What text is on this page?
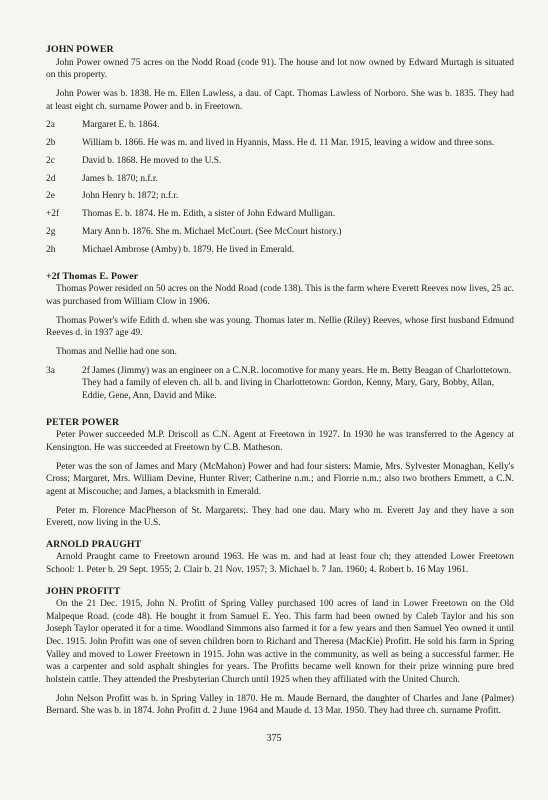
JOHN POWER

John Power owned 75 acres on the Nodd Road (code 91). The house and lot now owned by Edward Murtagh is situated on this property.

John Power was b. 1838. He m. Ellen Lawless, a dau. of Capt. Thomas Lawless of Norboro. She was b. 1835. They had at least eight ch. surname Power and b. in Freetown.

2a	Margaret E. b. 1864.
2b	William b. 1866. He was m. and lived in Hyannis, Mass. He d. 11 Mar. 1915, leaving a widow and three sons.
2c	David b. 1868. He moved to the U.S.
2d	James b. 1870; n.f.r.
2e	John Henry b. 1872; n.f.r.
+2f	Thomas E. b. 1874. He m. Edith, a sister of John Edward Mulligan.
2g	Mary Ann b. 1876. She m. Michael McCourt. (See McCourt history.)
2h	Michael Ambrose (Amby) b. 1879. He lived in Emerald.

+2f Thomas E. Power

Thomas Power resided on 50 acres on the Nodd Road (code 138). This is the farm where Everett Reeves now lives, 25 ac. was purchased from William Clow in 1906.

Thomas Power's wife Edith d. when she was young. Thomas later m. Nellie (Riley) Reeves, whose first husband Edmund Reeves d. in 1937 age 49.

Thomas and Nellie had one son.

3a	2f James (Jimmy) was an engineer on a C.N.R. locomotive for many years. He m. Betty Beagan of Charlottetown. They had a family of eleven ch. all b. and living in Charlottetown: Gordon, Kenny, Mary, Gary, Bobby, Allan, Eddie, Gene, Ann, David and Mike.

PETER POWER

Peter Power succeeded M.P. Driscoll as C.N. Agent at Freetown in 1927. In 1930 he was transferred to the Agency at Kensington. He was succeeded at Freetown by C.B. Matheson.

Peter was the son of James and Mary (McMahon) Power and had four sisters: Mamie, Mrs. Sylvester Monaghan, Kelly's Cross; Margaret, Mrs. William Devine, Hunter River; Catherine n.m.; and Florrie n.m.; also two brothers Emmett, a C.N. agent at Miscouche; and James, a blacksmith in Emerald.

Peter m. Florence MacPherson of St. Margarets;. They had one dau. Mary who m. Everett Jay and they have a son Everett, now living in the U.S.

ARNOLD PRAUGHT

Arnold Praught came to Freetown around 1963. He was m. and had at least four ch; they attended Lower Freetown School: 1. Peter b. 29 Sept. 1955; 2. Clair b. 21 Nov. 1957; 3. Michael b. 7 Jan. 1960; 4. Robert b. 16 May 1961.

JOHN PROFITT

On the 21 Dec. 1915, John N. Profitt of Spring Valley purchased 100 acres of land in Lower Freetown on the Old Malpeque Road. (code 48). He bought it from Samuel E. Yeo. This farm had been owned by Caleb Taylor and his son Joseph Taylor operated it for a time. Woodland Simmons also farmed it for a few years and then Samuel Yeo owned it until Dec. 1915. John Profitt was one of seven children born to Richard and Theresa (MacKie) Profitt. He sold his farm in Spring Valley and moved to Lower Freetown in 1915. John was active in the community, as well as being a successful farmer. He was a carpenter and sold asphalt shingles for years. The Profitts became well known for their prize winning pure bred holstein cattle. They attended the Presbyterian Church until 1925 when they affiliated with the United Church.

John Nelson Profitt was b. in Spring Valley in 1870. He m. Maude Bernard, the daughter of Charles and Jane (Palmer) Bernard. She was b. in 1874. John Profitt d. 2 June 1964 and Maude d. 13 Mar. 1950. They had three ch. surname Profitt.

375
